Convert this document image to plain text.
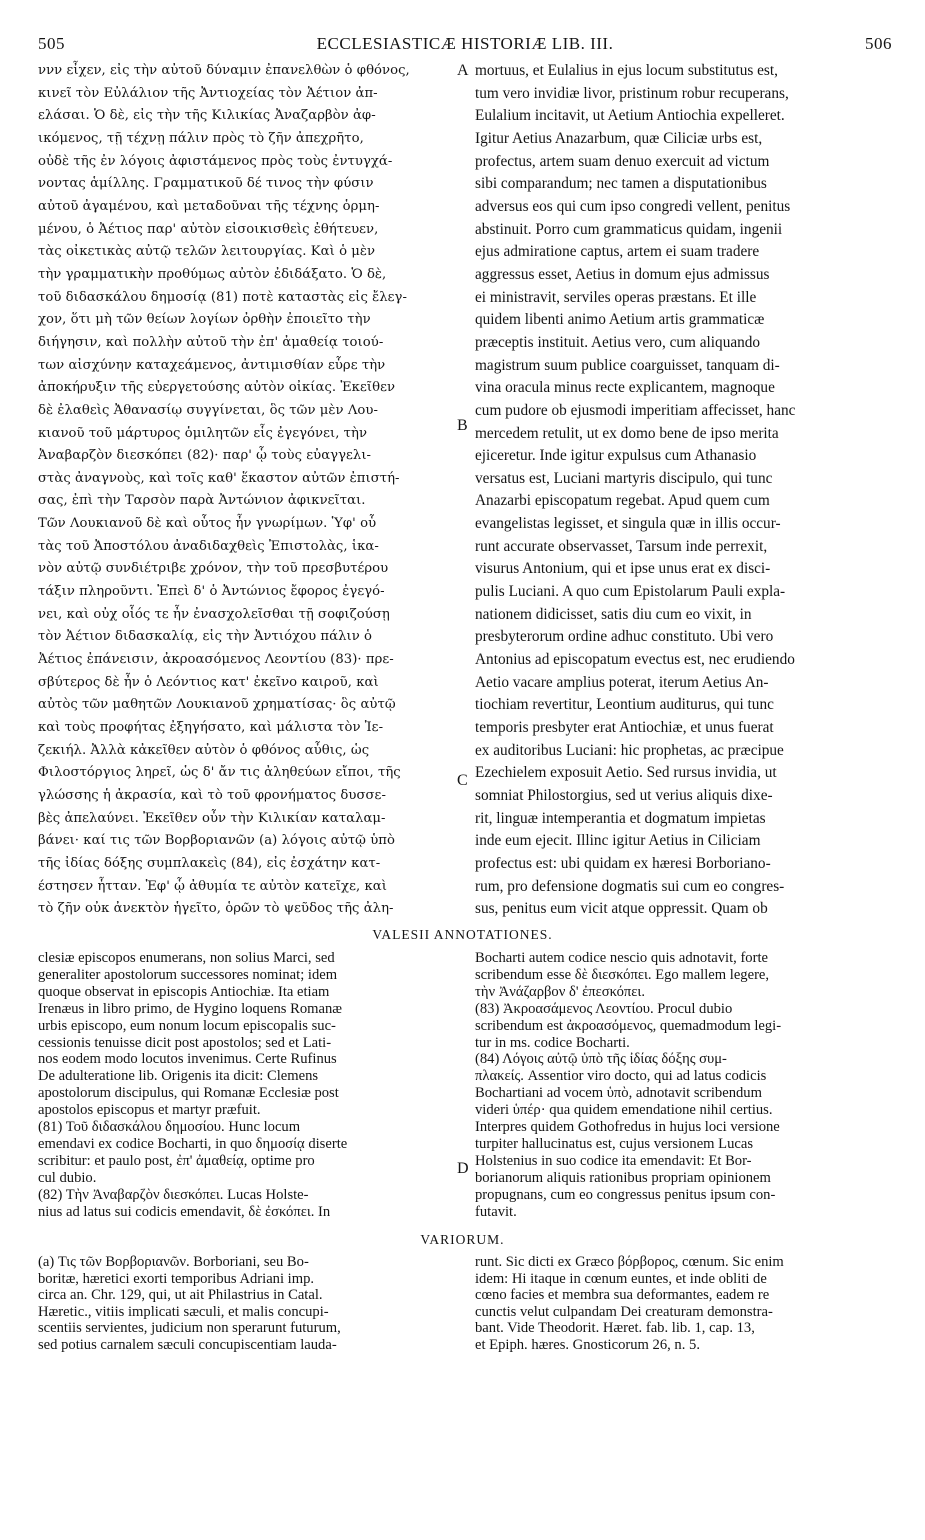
505	ECCLESIASTICÆ HISTORIÆ LIB. III.	506
ννν εἶχεν, εἰς τὴν αὐτοῦ δύναμιν ἐπανελθὼν ὁ φθόνος,
κινεῖ τὸν Εὐλάλιον τῆς Ἀντιοχείας τὸν Ἀέτιον ἀπ-
ελάσαι. Ὁ δὲ, εἰς τὴν τῆς Κιλικίας Ἀναζαρβὸν ἀφ-
ικόμενος, τῇ τέχνῃ πάλιν πρὸς τὸ ζῆν ἀπεχρῆτο,
οὐδὲ τῆς ἐν λόγοις ἀφιστάμενος πρὸς τοὺς ἐντυγχά-
νοντας ἁμίλλης. Γραμματικοῦ δέ τινος τὴν φύσιν
αὐτοῦ ἀγαμένου, καὶ μεταδοῦναι τῆς τέχνης ὁρμη-
μένου, ὁ Ἀέτιος παρ' αὐτὸν εἰσοικισθεὶς ἐθήτευεν,
τὰς οἰκετικὰς αὐτῷ τελῶν λειτουργίας. Καὶ ὁ μὲν
τὴν γραμματικὴν προθύμως αὐτὸν ἐδιδάξατο. Ὁ δὲ,
τοῦ διδασκάλου δημοσίᾳ (81) ποτὲ καταστὰς εἰς ἔλεγ-
χον, ὅτι μὴ τῶν θείων λογίων ὀρθὴν ἐποιεῖτο τὴν
διήγησιν, καὶ πολλὴν αὐτοῦ τὴν ἐπ' ἀμαθείᾳ τοιού-
των αἰσχύνην καταχεάμενος, ἀντιμισθίαν εὗρε τὴν
ἀποκήρυξιν τῆς εὐεργετούσης αὐτὸν οἰκίας. Ἐκεῖθεν
δὲ ἐλαθεὶς Ἀθανασίῳ συγγίνεται, ὃς τῶν μὲν Λου-
κιανοῦ τοῦ μάρτυρος ὁμιλητῶν εἷς ἐγεγόνει, τὴν
Ἀναβαρζὸν διεσκόπει (82)· παρ' ᾧ τοὺς εὐαγγελι-
στὰς ἀναγνοὺς, καὶ τοῖς καθ' ἕκαστον αὐτῶν ἐπιστή-
σας, ἐπὶ τὴν Ταρσὸν παρὰ Ἀντώνιον ἀφικνεῖται.
Τῶν Λουκιανοῦ δὲ καὶ οὗτος ἦν γνωρίμων. Ὑφ' οὗ
τὰς τοῦ Ἀποστόλου ἀναδιδαχθεὶς Ἐπιστολὰς, ἱκα-
νὸν αὐτῷ συνδιέτριβε χρόνον, τὴν τοῦ πρεσβυτέρου
τάξιν πληροῦντι. Ἐπεὶ δ' ὁ Ἀντώνιος ἔφορος ἐγεγό-
νει, καὶ οὐχ οἷός τε ἦν ἐνασχολεῖσθαι τῇ σοφιζούσῃ
τὸν Ἀέτιον διδασκαλίᾳ, εἰς τὴν Ἀντιόχου πάλιν ὁ
Ἀέτιος ἐπάνεισιν, ἀκροασόμενος Λεοντίου (83)· πρε-
σβύτερος δὲ ἦν ὁ Λεόντιος κατ' ἐκεῖνο καιροῦ, καὶ
αὐτὸς τῶν μαθητῶν Λουκιανοῦ χρηματίσας· ὃς αὐτῷ
καὶ τοὺς προφήτας ἐξηγήσατο, καὶ μάλιστα τὸν Ἰε-
ζεκιήλ. Ἀλλὰ κἀκεῖθεν αὐτὸν ὁ φθόνος αὖθις, ὡς
Φιλοστόργιος ληρεῖ, ὡς δ' ἄν τις ἀληθεύων εἴποι, τῆς
γλώσσης ἡ ἀκρασία, καὶ τὸ τοῦ φρονήματος δυσσε-
βὲς ἀπελαύνει. Ἐκεῖθεν οὖν τὴν Κιλικίαν καταλαμ-
βάνει· καί τις τῶν Βορβοριανῶν (a) λόγοις αὐτῷ ὑπὸ
τῆς ἰδίας δόξης συμπλακεὶς (84), εἰς ἐσχάτην κατ-
έστησεν ἧτταν. Ἐφ' ᾧ ἀθυμία τε αὐτὸν κατεῖχε, καὶ
τὸ ζῆν οὐκ ἀνεκτὸν ἡγεῖτο, ὁρῶν τὸ ψεῦδος τῆς ἀλη-
mortuus, et Eulalius in ejus locum substitutus est,
tum vero invidiæ livor, pristinum robur recuperans,
Eulalium incitavit, ut Aetium Antiochia expelleret.
Igitur Aetius Anazarbum, quæ Ciliciæ urbs est,
profectus, artem suam denuo exercuit ad victum
sibi comparandum; nec tamen a disputationibus
adversus eos qui cum ipso congredi vellent, penitus
abstinuit. Porro cum grammaticus quidam, ingenii
ejus admiratione captus, artem ei suam tradere
aggressus esset, Aetius in domum ejus admissus
ei ministravit, serviles operas præstans. Et ille
quidem libenti animo Aetium artis grammaticæ
præceptis instituit. Aetius vero, cum aliquando
magistrum suum publice coarguisset, tanquam di-
vina oracula minus recte explicantem, magnoque
cum pudore ob ejusmodi imperitiam affecisset, hanc
mercedem retulit, ut ex domo bene de ipso merita
ejiceretur. Inde igitur expulsus cum Athanasio
versatus est, Luciani martyris discipulo, qui tunc
Anazarbi episcopatum regebat. Apud quem cum
evangelistas legisset, et singula quæ in illis occur-
runt accurate observasset, Tarsum inde perrexit,
visurus Antonium, qui et ipse unus erat ex disci-
pulis Luciani. A quo cum Epistolarum Pauli expla-
nationem didicisset, satis diu cum eo vixit, in
presbyterorum ordine adhuc constituto. Ubi vero
Antonius ad episcopatum evectus est, nec erudiendo
Aetio vacare amplius poterat, iterum Aetius An-
tiochiam revertitur, Leontium auditurus, qui tunc
temporis presbyter erat Antiochiæ, et unus fuerat
ex auditoribus Luciani: hic prophetas, ac præcipue
Ezechielem exposuit Aetio. Sed rursus invidia, ut
somniat Philostorgius, sed ut verius aliquis dixe-
rit, linguæ intemperantia et dogmatum impietas
inde eum ejecit. Illinc igitur Aetius in Ciliciam
profectus est: ubi quidam ex hæresi Borboriano-
rum, pro defensione dogmatis sui cum eo congres-
sus, penitus eum vicit atque oppressit. Quam ob
A
B
C
D
VALESII ANNOTATIONES.
clesiæ episcopos enumerans, non solius Marci, sed
generaliter apostolorum successores nominat; idem
quoque observat in episcopis Antiochiæ. Ita etiam
Irenæus in libro primo, de Hygino loquens Romanæ
urbis episcopo, eum nonum locum episcopalis suc-
cessionis tenuisse dicit post apostolos; sed et Lati-
nos eodem modo locutos invenimus. Certe Rufinus
De adulteratione lib. Origenis ita dicit: Clemens
apostolorum discipulus, qui Romanæ Ecclesiæ post
apostolos episcopus et martyr præfuit.
(81) Τοῦ διδασκάλου δημοσίου. Hunc locum
emendavi ex codice Bocharti, in quo δημοσίᾳ diserte
scribitur: et paulo post, ἐπ' ἀμαθείᾳ, optime pro
cul dubio.
(82) Τὴν Ἀναβαρζὸν διεσκόπει. Lucas Holste-
nius ad latus sui codicis emendavit, δὲ ἐσκόπει. In
Bocharti autem codice nescio quis adnotavit, forte
scribendum esse δὲ διεσκόπει. Ego mallem legere,
τὴν Ἀνάζαρβον δ' ἐπεσκόπει.
(83) Ἀκροασάμενος Λεοντίου. Procul dubio
scribendum est ἀκροασόμενος, quemadmodum legi-
tur in ms. codice Bocharti.
(84) Λόγοις αὐτῷ ὑπὸ τῆς ἰδίας δόξης συμ-
πλακείς. Assentior viro docto, qui ad latus codicis
Bochartiani ad vocem ὑπὸ, adnotavit scribendum
videri ὑπέρ· qua quidem emendatione nihil certius.
Interpres quidem Gothofredus in hujus loci versione
turpiter hallucinatus est, cujus versionem Lucas
Holstenius in suo codice ita emendavit: Et Bor-
borianorum aliquis rationibus propriam opinionem
propugnans, cum eo congressus penitus ipsum con-
futavit.
VARIORUM.
(a) Τις τῶν Βορβοριανῶν. Borboriani, seu Bo-
boritæ, hæretici exorti temporibus Adriani imp.
circa an. Chr. 129, qui, ut ait Philastrius in Catal.
Hæretic., vitiis implicati sæculi, et malis concupi-
scentiis servientes, judicium non sperarunt futurum,
sed potius carnalem sæculi concupiscentiam lauda-
runt. Sic dicti ex Græco βόρβορος, cœnum. Sic enim
idem: Hi itaque in cœnum euntes, et inde obliti de
cœno facies et membra sua deformantes, eadem re
cunctis velut culpandam Dei creaturam demonstra-
bant. Vide Theodorit. Hæret. fab. lib. 1, cap. 13,
et Epiph. hæres. Gnosticorum 26, n. 5.
